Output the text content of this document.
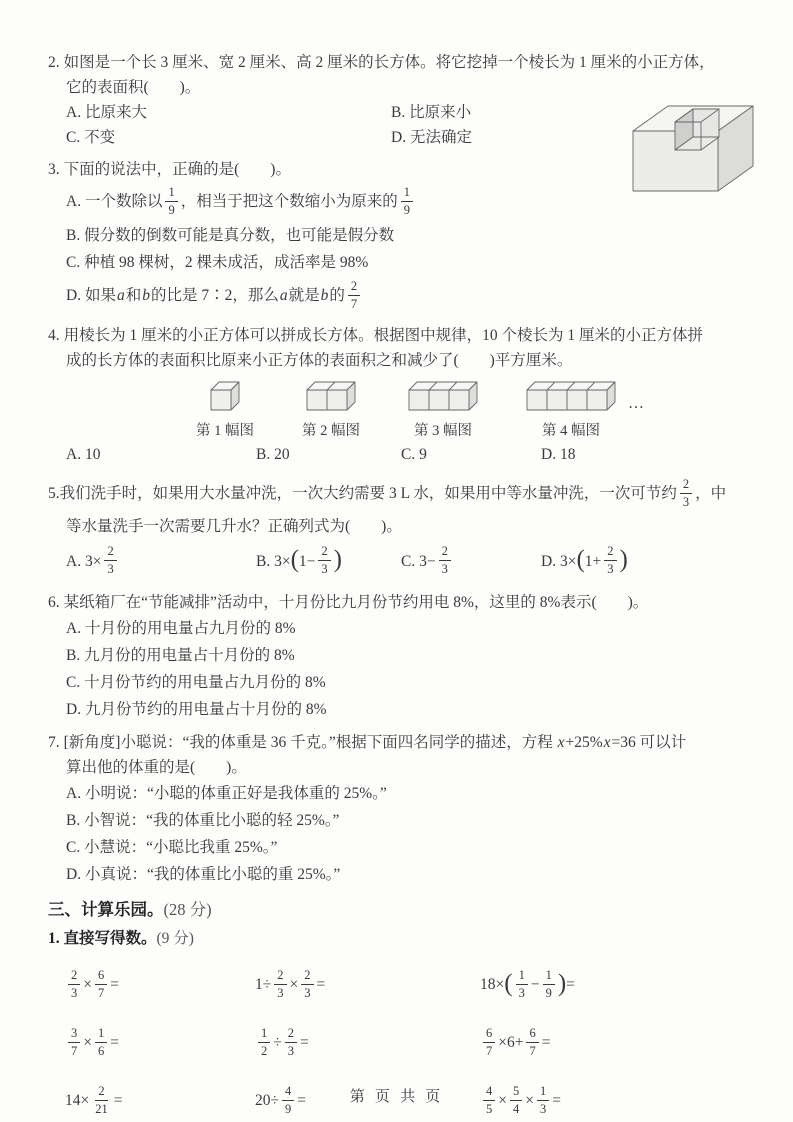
2. 如图是一个长 3 厘米、宽 2 厘米、高 2 厘米的长方体。将它挖掉一个棱长为 1 厘米的小正方体，
它的表面积(　　)。
A. 比原来大	B. 比原来小
C. 不变	D. 无法确定
3. 下面的说法中，正确的是(　　)。
A. 一个数除以 $\frac{1}{9}$ ，相当于把这个数缩小为原来的 $\frac{1}{9}$
B. 假分数的倒数可能是真分数，也可能是假分数
C. 种植 98 棵树，2 棵未成活，成活率是 98%
D. 如果 a 和 b 的比是 7∶2，那么 a 就是 b 的 $\frac{2}{7}$
4. 用棱长为 1 厘米的小正方体可以拼成长方体。根据图中规律，10 个棱长为 1 厘米的小正方体拼
成的长方体的表面积比原来小正方体的表面积之和减少了(　　)平方厘米。
第 1 幅图	第 2 幅图	第 3 幅图	第 4 幅图
…
A. 10	B. 20	C. 9	D. 18
5. 我们洗手时，如果用大水量冲洗，一次大约需要 3 L 水，如果用中等水量冲洗，一次可节约 $\frac{2}{3}$ ，中
等水量洗手一次需要几升水？正确列式为(　　)。
A. $3\times \frac{2}{3}$	B. 3× ( $1- \frac{2}{3}$ )	C. $3- \frac{2}{3}$	D. 3× ( $1+ \frac{2}{3}$ )
6. 某纸箱厂在“节能减排”活动中，十月份比九月份节约用电 8%，这里的 8%表示(　　)。
A. 十月份的用电量占九月份的 8%
B. 九月份的用电量占十月份的 8%
C. 十月份节约的用电量占九月份的 8%
D. 九月份节约的用电量占十月份的 8%
7. [新角度]小聪说：“我的体重是 36 千克。”根据下面四名同学的描述，方程 x+25%x=36 可以计
算出他的体重的是(　　)。
A. 小明说：“小聪的体重正好是我体重的 25%。”
B. 小智说：“我的体重比小聪的轻 25%。”
C. 小慧说：“小聪比我重 25%。”
D. 小真说：“我的体重比小聪的重 25%。”
三、计算乐园。(28 分)
1. 直接写得数。(9 分)
$\frac{2}{3} \times \frac{6}{7}$ =	$1\div \frac{2}{3} \times \frac{2}{3}$ =	18× ( $\frac{1}{3} - \frac{1}{9}$ ) =
$\frac{3}{7} \times \frac{1}{6}$ =	$\frac{1}{2} \div \frac{2}{3}$ =	$\frac{6}{7} \times 6+ \frac{6}{7}$ =
$14\times \frac{2}{21}$ =	$20\div \frac{4}{9}$ =	$\frac{4}{5} \times \frac{5}{4} \times \frac{1}{3}$ =
第 页 共 页
